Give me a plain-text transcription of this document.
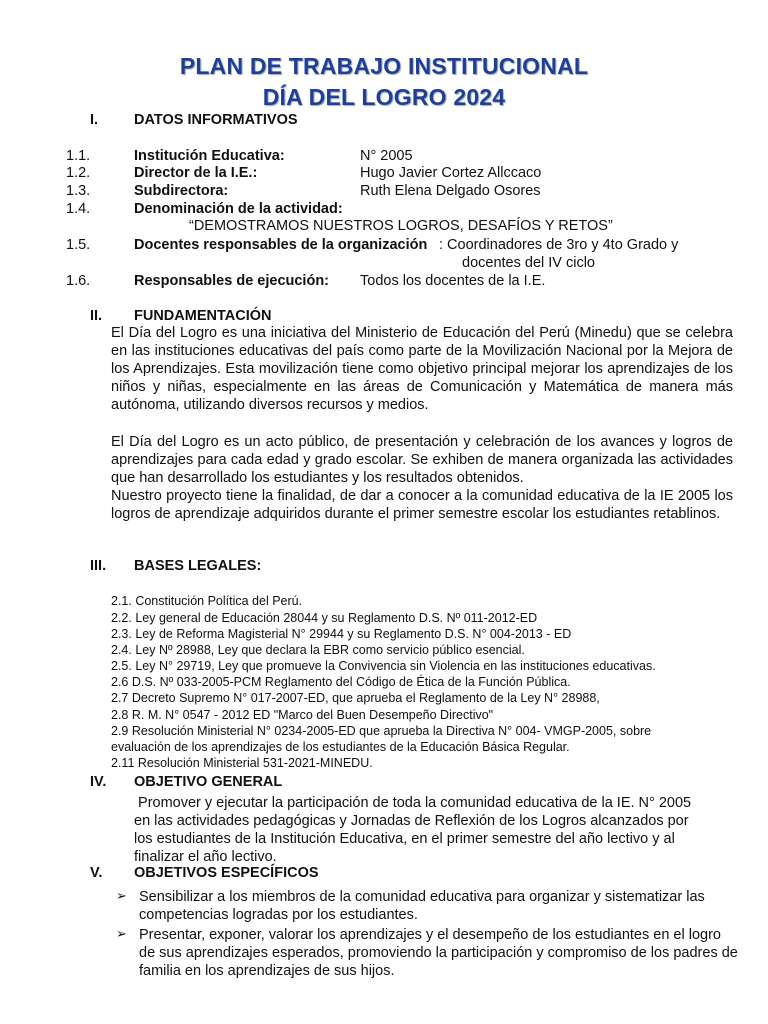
PLAN DE TRABAJO INSTITUCIONAL
DÍA DEL LOGRO 2024
I. DATOS INFORMATIVOS
1.1.	Institución Educativa:	N° 2005
1.2.	Director de la I.E.:	Hugo Javier Cortez Allccaco
1.3.	Subdirectora:	Ruth Elena Delgado Osores
1.4.	Denominación de la actividad:
“DEMOSTRAMOS NUESTROS LOGROS, DESAFÍOS Y RETOS”
1.5.	Docentes responsables de la organización : Coordinadores de 3ro y 4to Grado y
docentes del IV ciclo
1.6.	Responsables de ejecución: Todos los docentes de la I.E.
II. FUNDAMENTACIÓN

El Día del Logro es una iniciativa del Ministerio de Educación del Perú (Minedu) que se celebra en las instituciones educativas del país como parte de la Movilización Nacional por la Mejora de los Aprendizajes. Esta movilización tiene como objetivo principal mejorar los aprendizajes de los niños y niñas, especialmente en las áreas de Comunicación y Matemática de manera más autónoma, utilizando diversos recursos y medios.

El Día del Logro es un acto público, de presentación y celebración de los avances y logros de aprendizajes para cada edad y grado escolar. Se exhiben de manera organizada las actividades que han desarrollado los estudiantes y los resultados obtenidos.

Nuestro proyecto tiene la finalidad, de dar a conocer a la comunidad educativa de la IE 2005 los logros de aprendizaje adquiridos durante el primer semestre escolar los estudiantes retablinos.

III. BASES LEGALES:
2.1. Constitución Política del Perú.
2.2. Ley general de Educación 28044 y su Reglamento D.S. Nº 011-2012-ED
2.3. Ley de Reforma Magisterial N° 29944 y su Reglamento D.S. N° 004-2013 - ED
2.4. Ley Nº 28988, Ley que declara la EBR como servicio público esencial.
2.5. Ley N° 29719, Ley que promueve la Convivencia sin Violencia en las instituciones educativas.
2.6 D.S. Nº 033-2005-PCM Reglamento del Código de Ética de la Función Pública.
2.7 Decreto Supremo N° 017-2007-ED, que aprueba el Reglamento de la Ley N° 28988,
2.8 R. M. N° 0547 - 2012 ED "Marco del Buen Desempeño Directivo"
2.9 Resolución Ministerial N° 0234-2005-ED que aprueba la Directiva N° 004- VMGP-2005, sobre
evaluación de los aprendizajes de los estudiantes de la Educación Básica Regular.
2.11 Resolución Ministerial 531-2021-MINEDU.
IV. OBJETIVO GENERAL
Promover y ejecutar la participación de toda la comunidad educativa de la IE. N° 2005
en las actividades pedagógicas y Jornadas de Reflexión de los Logros alcanzados por
los estudiantes de la Institución Educativa, en el primer semestre del año lectivo y al
finalizar el año lectivo.
V. OBJETIVOS ESPECÍFICOS
➢ Sensibilizar a los miembros de la comunidad educativa para organizar y sistematizar las competencias logradas por los estudiantes.

➢ Presentar, exponer, valorar los aprendizajes y el desempeño de los estudiantes en el logro de sus aprendizajes esperados, promoviendo la participación y compromiso de los padres de familia en los aprendizajes de sus hijos.
